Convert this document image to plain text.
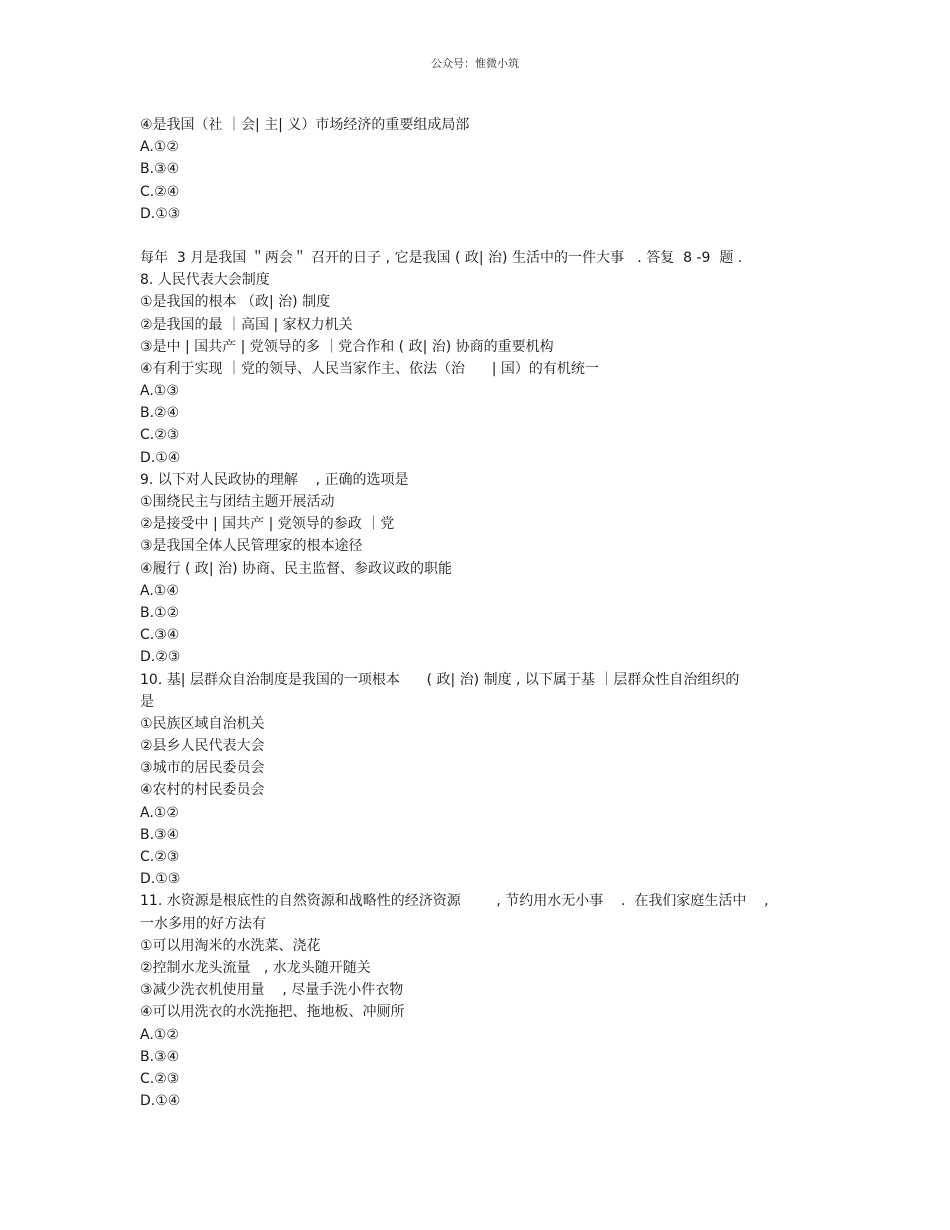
公众号：惟微小筑
④是我国（社 ｜会| 主| 义）市场经济的重要组成局部
A.①②
B.③④
C.②④
D.①③
每年  3 月是我国 ＂两会＂ 召开的日子 , 它是我国 ( 政| 治) 生活中的一件大事   . 答复  8 -9  题 .
8. 人民代表大会制度
①是我国的根本 （政| 治) 制度
②是我国的最 ｜高国 | 家权力机关
③是中 | 国共产 | 党领导的多 ｜党合作和 ( 政| 治) 协商的重要机构
④有利于实现 ｜党的领导、人民当家作主、依法（治      | 国）的有机统一
A.①③
B.②④
C.②③
D.①④
9. 以下对人民政协的理解    , 正确的选项是
①围绕民主与团结主题开展活动
②是接受中 | 国共产 | 党领导的参政 ｜党
③是我国全体人民管理家的根本途径
④履行 ( 政| 治) 协商、民主监督、参政议政的职能
A.①④
B.①②
C.③④
D.②③
10. 基| 层群众自治制度是我国的一项根本      ( 政| 治) 制度 , 以下属于基 ｜层群众性自治组织的
是
①民族区域自治机关
②县乡人民代表大会
③城市的居民委员会
④农村的村民委员会
A.①②
B.③④
C.②③
D.①③
11. 水资源是根底性的自然资源和战略性的经济资源        , 节约用水无小事    .  在我们家庭生活中    ,
一水多用的好方法有
①可以用淘米的水洗菜、浇花
②控制水龙头流量   , 水龙头随开随关
③减少洗衣机使用量    , 尽量手洗小件衣物
④可以用洗衣的水洗拖把、拖地板、冲厕所
A.①②
B.③④
C.②③
D.①④
